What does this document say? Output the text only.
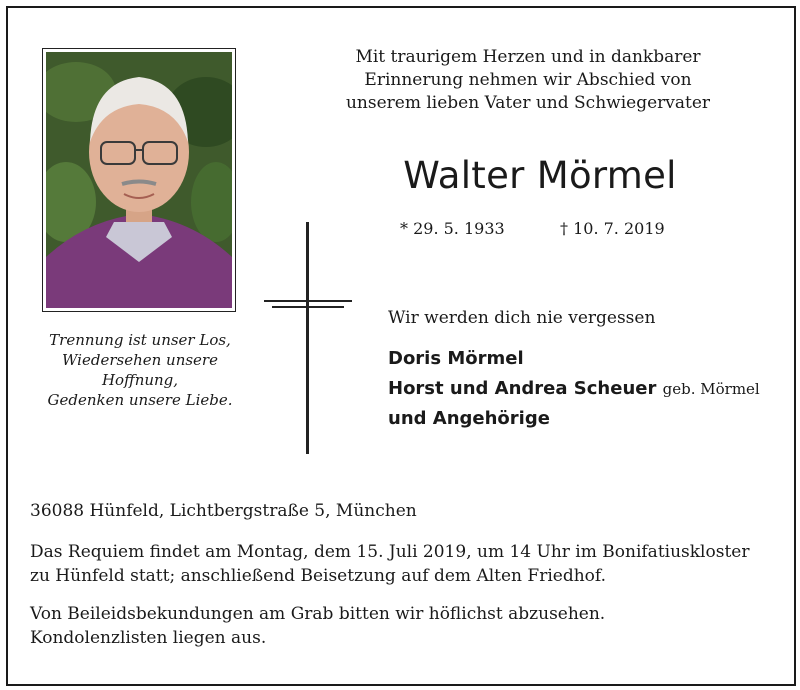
Trennung ist unser Los,
Wiedersehen unsere
Hoffnung,
Gedenken unsere Liebe.
Mit traurigem Herzen und in dankbarer
Erinnerung nehmen wir Abschied von
unserem lieben Vater und Schwiegervater
Walter Mörmel
* 29. 5. 1933	† 10. 7. 2019
Wir werden dich nie vergessen
Doris Mörmel
Horst und Andrea Scheuer geb. Mörmel
und Angehörige
36088 Hünfeld, Lichtbergstraße 5, München
Das Requiem findet am Montag, dem 15. Juli 2019, um 14 Uhr im Bonifatiuskloster
zu Hünfeld statt; anschließend Beisetzung auf dem Alten Friedhof.
Von Beileidsbekundungen am Grab bitten wir höflichst abzusehen.
Kondolenzlisten liegen aus.
